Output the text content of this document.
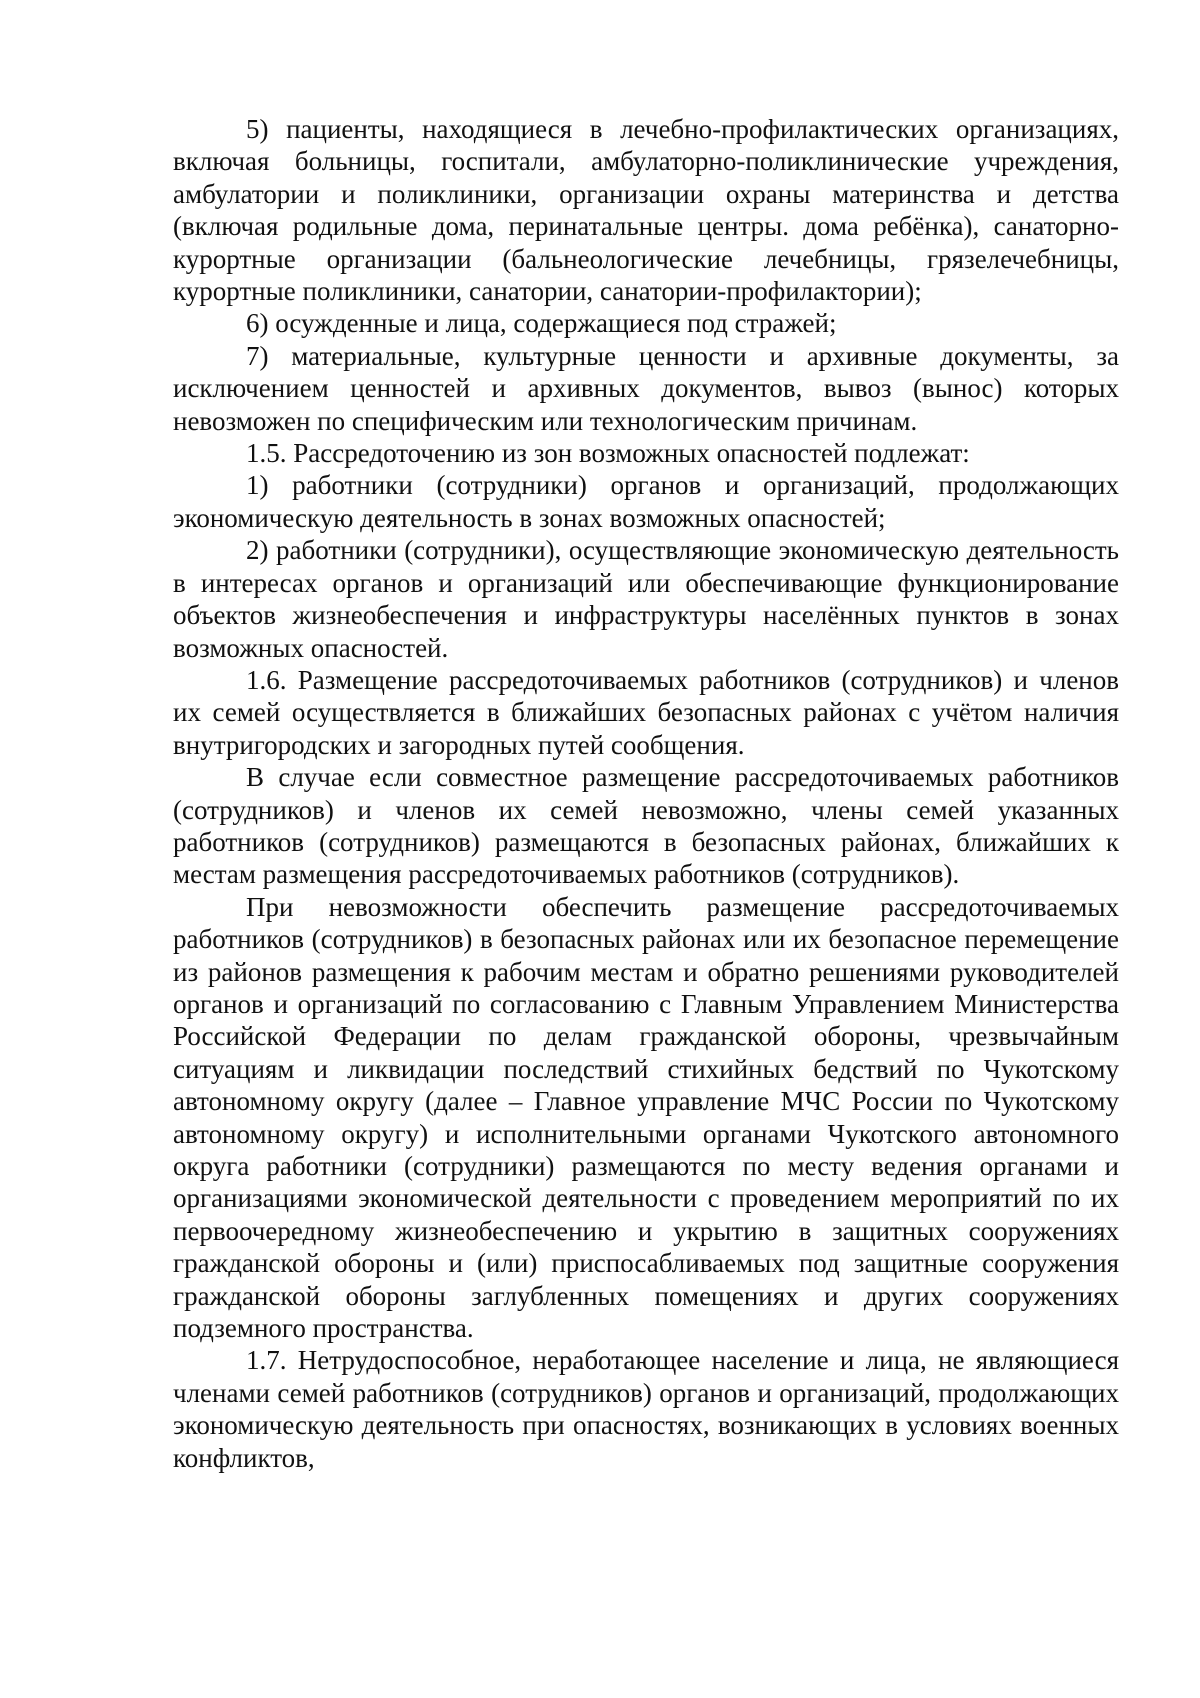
5) пациенты, находящиеся в лечебно-профилактических организациях, включая больницы, госпитали, амбулаторно-поликлинические учреждения, амбулатории и поликлиники, организации охраны материнства и детства (включая родильные дома, перинатальные центры. дома ребёнка), санаторно-курортные организации (бальнеологические лечебницы, грязелечебницы, курортные поликлиники, санатории, санатории-профилактории);

6) осужденные и лица, содержащиеся под стражей;

7) материальные, культурные ценности и архивные документы, за исключением ценностей и архивных документов, вывоз (вынос) которых невозможен по специфическим или технологическим причинам.

1.5. Рассредоточению из зон возможных опасностей подлежат:

1) работники (сотрудники) органов и организаций, продолжающих экономическую деятельность в зонах возможных опасностей;

2) работники (сотрудники), осуществляющие экономическую деятельность в интересах органов и организаций или обеспечивающие функционирование объектов жизнеобеспечения и инфраструктуры населённых пунктов в зонах возможных опасностей.

1.6. Размещение рассредоточиваемых работников (сотрудников) и членов их семей осуществляется в ближайших безопасных районах с учётом наличия внутригородских и загородных путей сообщения.

В случае если совместное размещение рассредоточиваемых работников (сотрудников) и членов их семей невозможно, члены семей указанных работников (сотрудников) размещаются в безопасных районах, ближайших к местам размещения рассредоточиваемых работников (сотрудников).

При невозможности обеспечить размещение рассредоточиваемых работников (сотрудников) в безопасных районах или их безопасное перемещение из районов размещения к рабочим местам и обратно решениями руководителей органов и организаций по согласованию с Главным Управлением Министерства Российской Федерации по делам гражданской обороны, чрезвычайным ситуациям и ликвидации последствий стихийных бедствий по Чукотскому автономному округу (далее – Главное управление МЧС России по Чукотскому автономному округу) и исполнительными органами Чукотского автономного округа работники (сотрудники) размещаются по месту ведения органами и организациями экономической деятельности с проведением мероприятий по их первоочередному жизнеобеспечению и укрытию в защитных сооружениях гражданской обороны и (или) приспосабливаемых под защитные сооружения гражданской обороны заглубленных помещениях и других сооружениях подземного пространства.

1.7. Нетрудоспособное, неработающее население и лица, не являющиеся членами семей работников (сотрудников) органов и организаций, продолжающих экономическую деятельность при опасностях, возникающих в условиях военных конфликтов,
